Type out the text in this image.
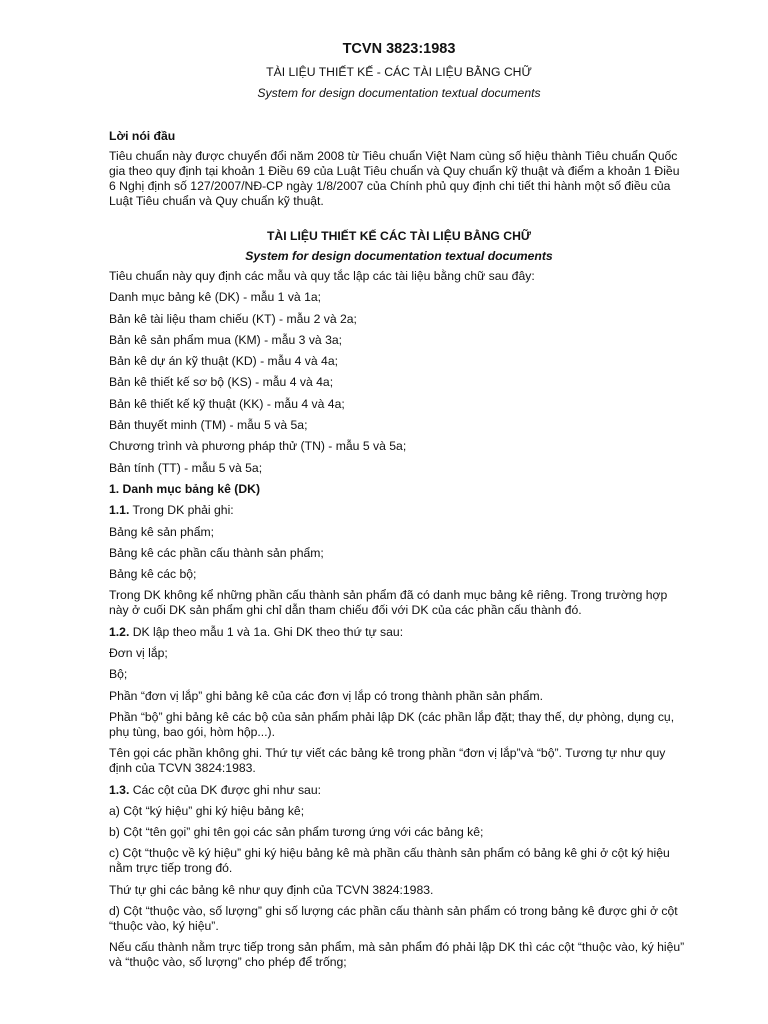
TCVN 3823:1983
TÀI LIỆU THIẾT KẾ - CÁC TÀI LIỆU BẰNG CHỮ
System for design documentation textual documents
Lời nói đầu
Tiêu chuẩn này được chuyển đổi năm 2008 từ Tiêu chuẩn Việt Nam cùng số hiệu thành Tiêu chuẩn Quốc gia theo quy định tại khoản 1 Điều 69 của Luật Tiêu chuẩn và Quy chuẩn kỹ thuật và điểm a khoản 1 Điều 6 Nghị định số 127/2007/NĐ-CP ngày 1/8/2007 của Chính phủ quy định chi tiết thi hành một số điều của Luật Tiêu chuẩn và Quy chuẩn kỹ thuật.
TÀI LIỆU THIẾT KẾ CÁC TÀI LIỆU BẰNG CHỮ
System for design documentation textual documents

Tiêu chuẩn này quy định các mẫu và quy tắc lập các tài liệu bằng chữ sau đây:

Danh mục bảng kê (DK) - mẫu 1 và 1a;

Bản kê tài liệu tham chiếu (KT) - mẫu 2 và 2a;

Bản kê sản phẩm mua (KM) - mẫu 3 và 3a;

Bản kê dự án kỹ thuật (KD) - mẫu 4 và 4a;

Bản kê thiết kế sơ bộ (KS) - mẫu 4 và 4a;

Bản kê thiết kế kỹ thuật (KK) - mẫu 4 và 4a;

Bản thuyết minh (TM) - mẫu 5 và 5a;

Chương trình và phương pháp thử (TN) - mẫu 5 và 5a;

Bản tính (TT) - mẫu 5 và 5a;

1. Danh mục bảng kê (DK)

1.1. Trong DK phải ghi:

Bảng kê sản phẩm;

Bảng kê các phần cấu thành sản phẩm;

Bảng kê các bộ;

Trong DK không kể những phần cấu thành sản phẩm đã có danh mục bảng kê riêng. Trong trường hợp này ở cuối DK sản phẩm ghi chỉ dẫn tham chiếu đối với DK của các phần cấu thành đó.

1.2. DK lập theo mẫu 1 và 1a. Ghi DK theo thứ tự sau:

Đơn vị lắp;

Bộ;

Phần “đơn vị lắp” ghi bảng kê của các đơn vị lắp có trong thành phần sản phẩm.

Phần “bộ” ghi bảng kê các bộ của sản phẩm phải lập DK (các phần lắp đặt; thay thế, dự phòng, dụng cụ, phụ tùng, bao gói, hòm hộp...).

Tên gọi các phần không ghi. Thứ tự viết các bảng kê trong phần “đơn vị lắp”và “bộ”. Tương tự như quy định của TCVN 3824:1983.

1.3. Các cột của DK được ghi như sau:

a) Cột “ký hiệu” ghi ký hiệu bảng kê;

b) Cột “tên gọi” ghi tên gọi các sản phẩm tương ứng với các bảng kê;

c) Cột “thuộc về ký hiệu” ghi ký hiệu bảng kê mà phần cấu thành sản phẩm có bảng kê ghi ở cột ký hiệu nằm trực tiếp trong đó.

Thứ tự ghi các bảng kê như quy định của TCVN 3824:1983.

d) Cột “thuộc vào, số lượng” ghi số lượng các phần cấu thành sản phẩm có trong bảng kê được ghi ở cột “thuộc vào, ký hiệu”.

Nếu cấu thành nằm trực tiếp trong sản phẩm, mà sản phẩm đó phải lập DK thì các cột “thuộc vào, ký hiệu” và “thuộc vào, số lượng” cho phép để trống;
